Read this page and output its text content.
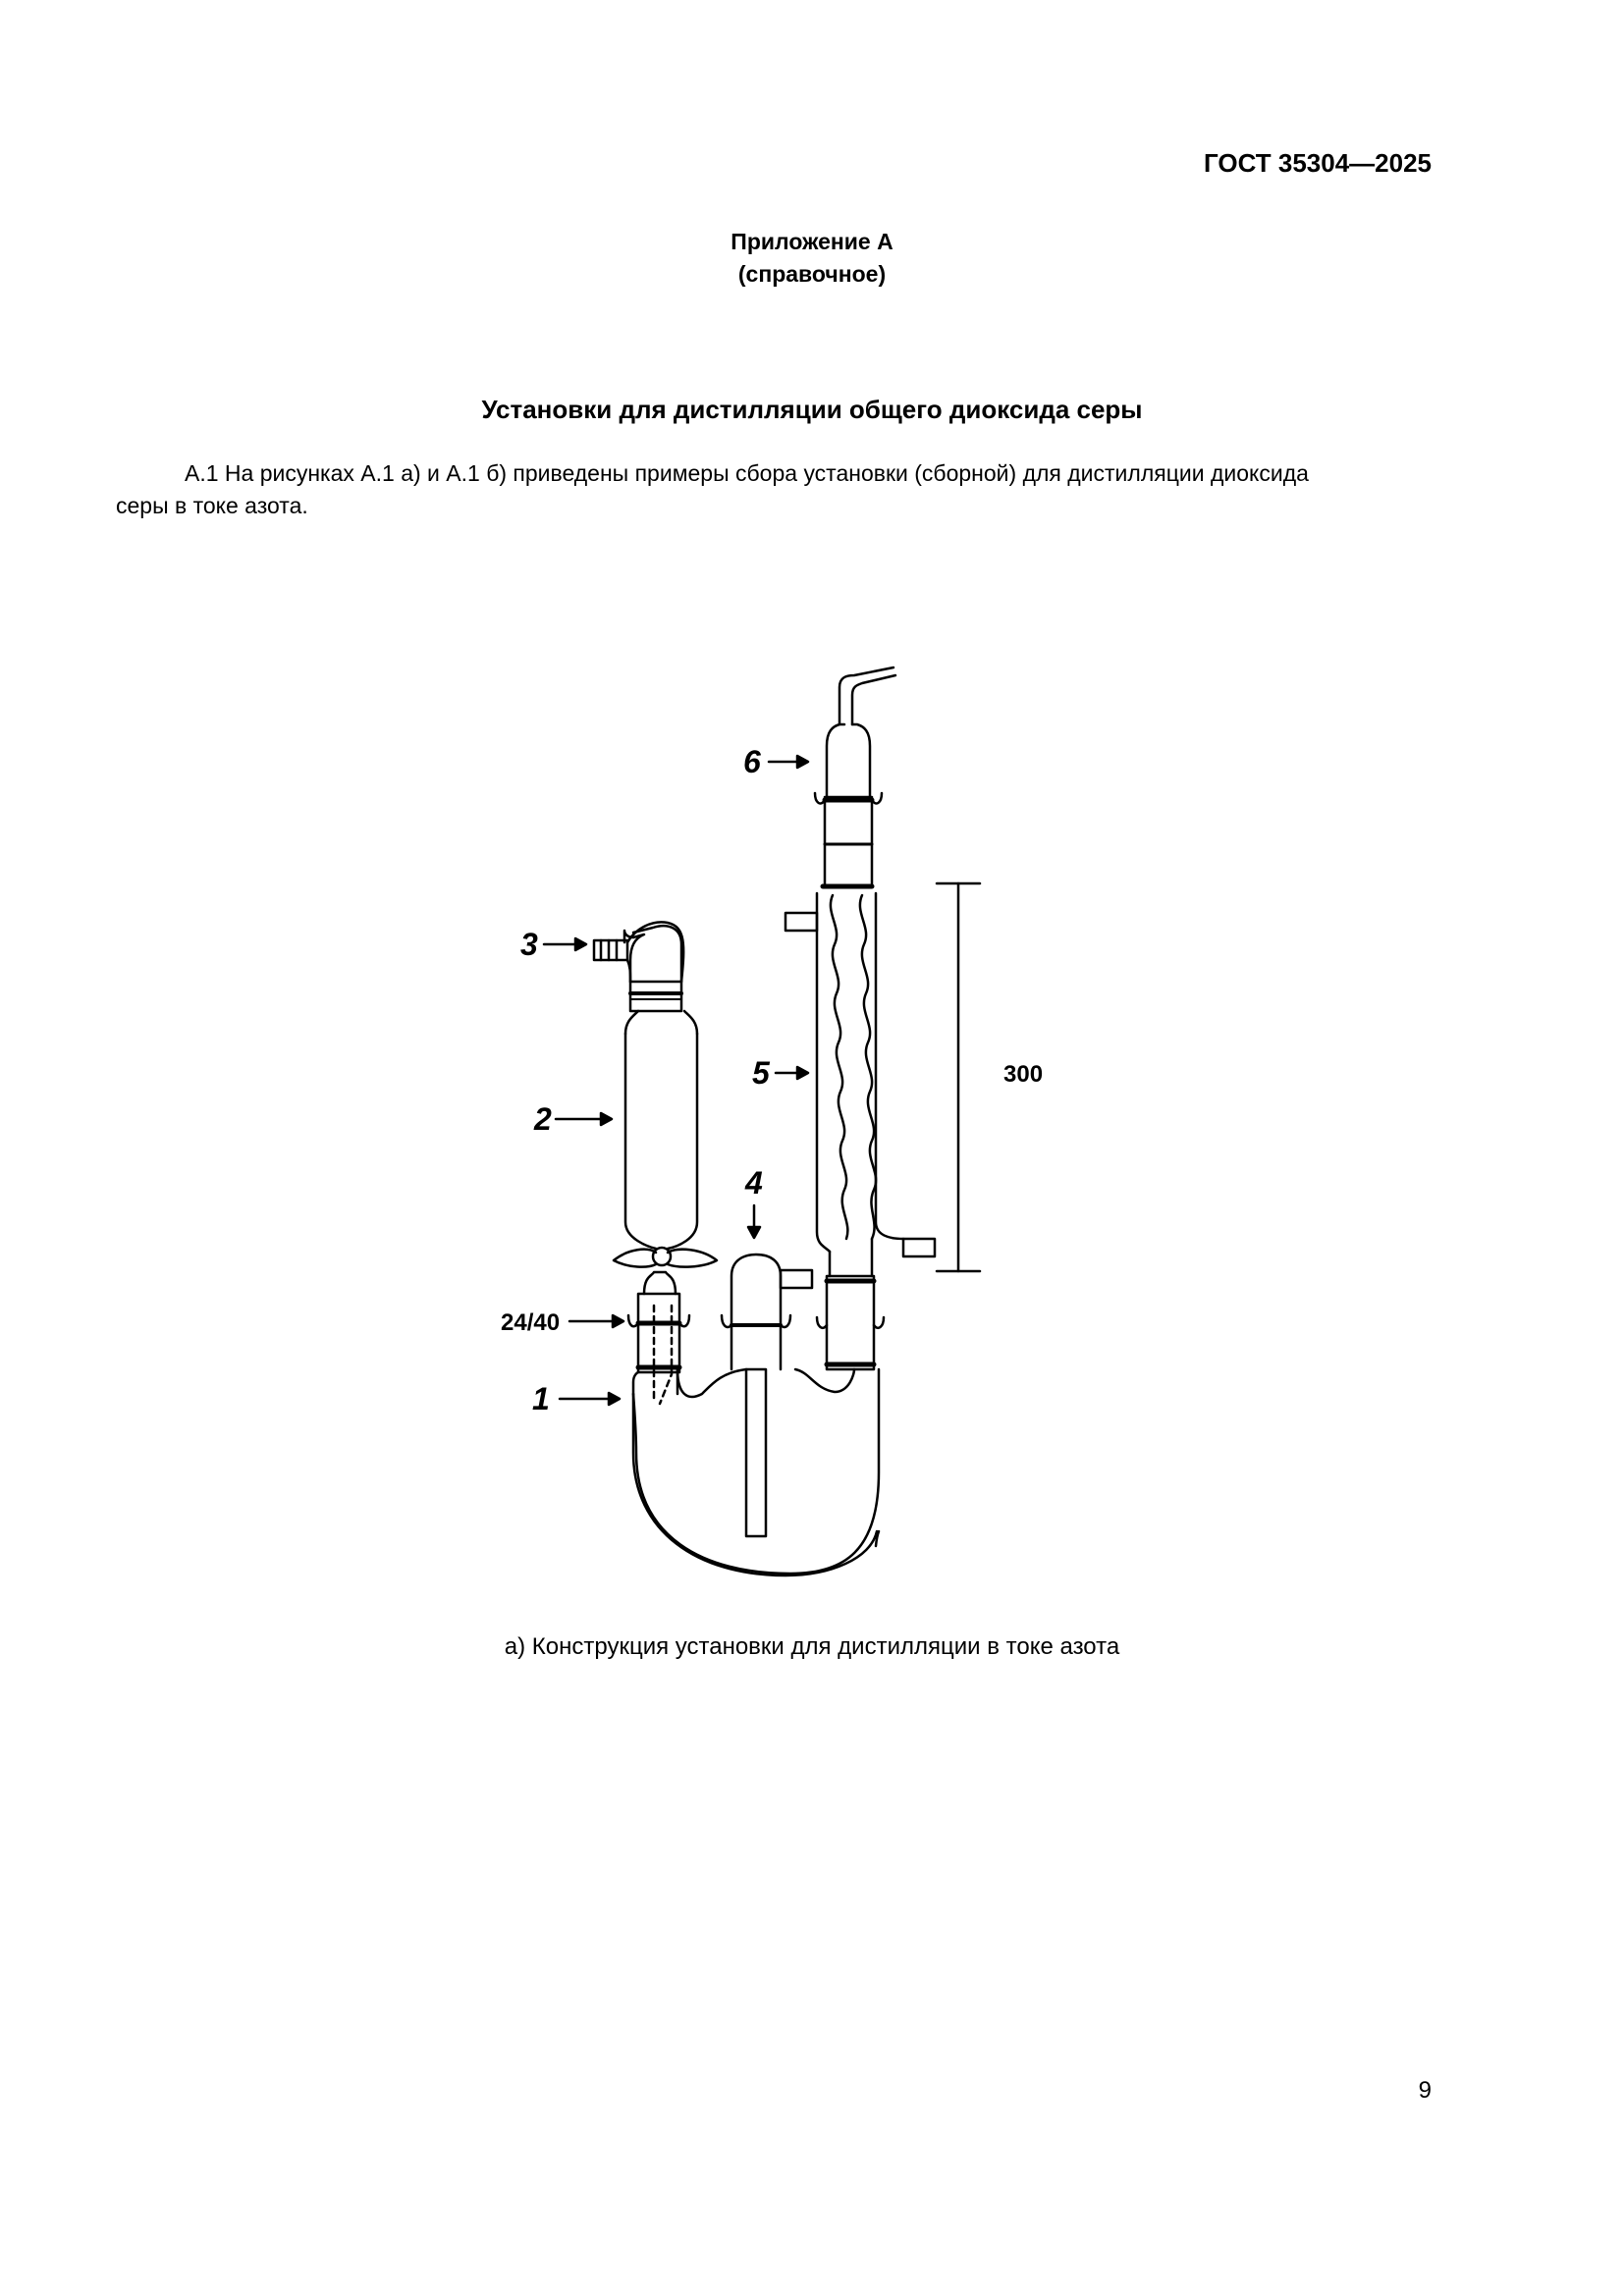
ГОСТ 35304—2025
Приложение А
(справочное)
Установки для дистилляции общего диоксида серы
А.1 На рисунках А.1 а) и А.1 б) приведены примеры сбора установки (сборной) для дистилляции диоксида
серы в токе азота.
6
3
5
2
4
24/40
1
300
а) Конструкция установки для дистилляции в токе азота
9
